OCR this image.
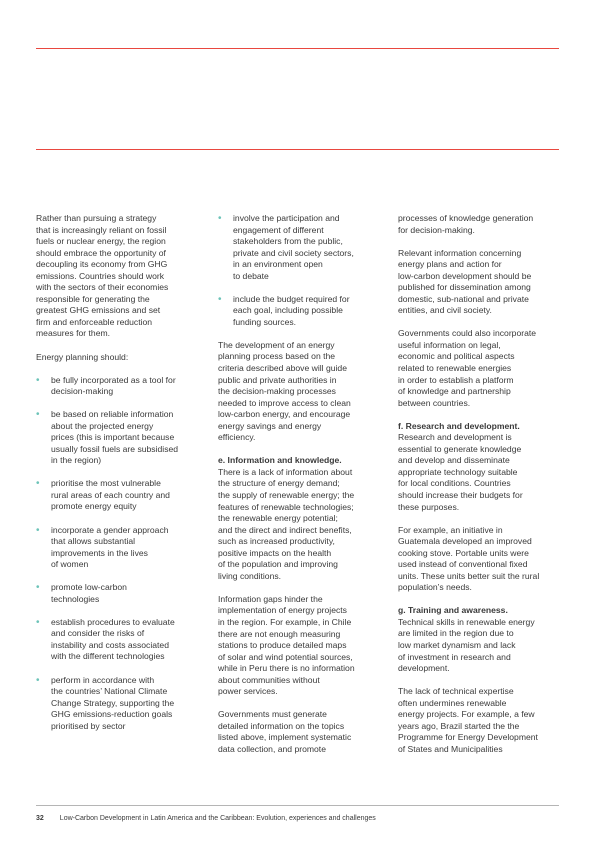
Rather than pursuing a strategy
that is increasingly reliant on fossil
fuels or nuclear energy, the region
should embrace the opportunity of
decoupling its economy from GHG
emissions. Countries should work
with the sectors of their economies
responsible for generating the
greatest GHG emissions and set
firm and enforceable reduction
measures for them.

Energy planning should:

• be fully incorporated as a tool for
decision-making
• be based on reliable information
about the projected energy
prices (this is important because
usually fossil fuels are subsidised
in the region)
• prioritise the most vulnerable
rural areas of each country and
promote energy equity
• incorporate a gender approach
that allows substantial
improvements in the lives
of women
• promote low-carbon
technologies
• establish procedures to evaluate
and consider the risks of
instability and costs associated
with the different technologies
• perform in accordance with
the countries’ National Climate
Change Strategy, supporting the
GHG emissions-reduction goals
prioritised by sector
• involve the participation and
engagement of different
stakeholders from the public,
private and civil society sectors,
in an environment open
to debate
• include the budget required for
each goal, including possible
funding sources.

The development of an energy
planning process based on the
criteria described above will guide
public and private authorities in
the decision-making processes
needed to improve access to clean
low-carbon energy, and encourage
energy savings and energy
efficiency.

e. Information and knowledge.

There is a lack of information about
the structure of energy demand;
the supply of renewable energy; the
features of renewable technologies;
the renewable energy potential;
and the direct and indirect benefits,
such as increased productivity,
positive impacts on the health
of the population and improving
living conditions.

Information gaps hinder the
implementation of energy projects
in the region. For example, in Chile
there are not enough measuring
stations to produce detailed maps
of solar and wind potential sources,
while in Peru there is no information
about communities without
power services.

Governments must generate
detailed information on the topics
listed above, implement systematic
data collection, and promote

processes of knowledge generation
for decision-making.

Relevant information concerning
energy plans and action for
low-carbon development should be
published for dissemination among
domestic, sub-national and private
entities, and civil society.

Governments could also incorporate
useful information on legal,
economic and political aspects
related to renewable energies
in order to establish a platform
of knowledge and partnership
between countries.

f. Research and development.

Research and development is
essential to generate knowledge
and develop and disseminate
appropriate technology suitable
for local conditions. Countries
should increase their budgets for
these purposes.

For example, an initiative in
Guatemala developed an improved
cooking stove. Portable units were
used instead of conventional fixed
units. These units better suit the rural
population’s needs.

g. Training and awareness.

Technical skills in renewable energy
are limited in the region due to
low market dynamism and lack
of investment in research and
development.

The lack of technical expertise
often undermines renewable
energy projects. For example, a few
years ago, Brazil started the the
Programme for Energy Development
of States and Municipalities

32 Low-Carbon Development in Latin America and the Caribbean: Evolution, experiences and challenges
